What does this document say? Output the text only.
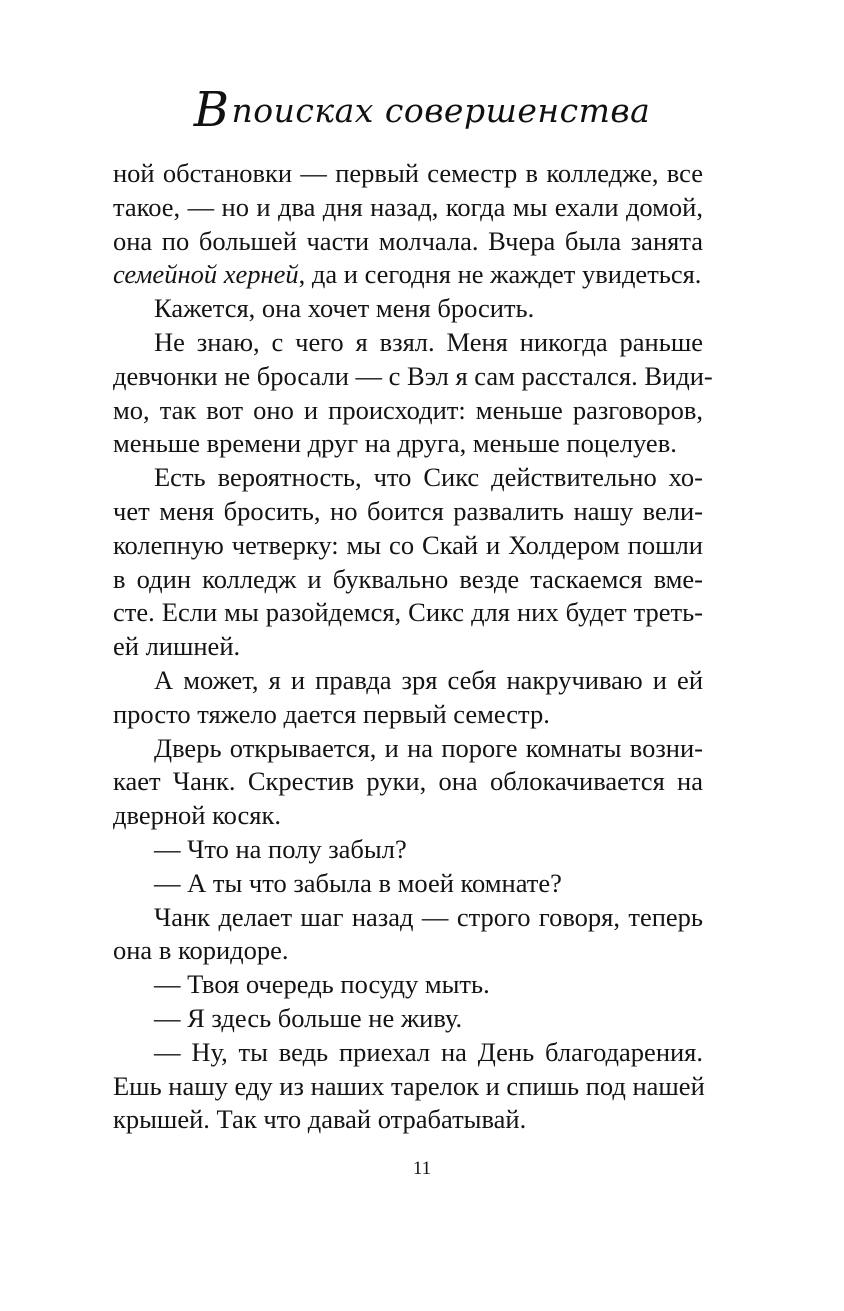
Впоисках совершенства
ной обстановки — первый семестр в колледже, все
такое, — но и два дня назад, когда мы ехали домой,
она по большей части молчала. Вчера была занята
семейной херней, да и сегодня не жаждет увидеться.
Кажется, она хочет меня бросить.
Не знаю, с чего я взял. Меня никогда раньше
девчонки не бросали — с Вэл я сам расстался. Види-
мо, так вот оно и происходит: меньше разговоров,
меньше времени друг на друга, меньше поцелуев.
Есть вероятность, что Сикс действительно хо-
чет меня бросить, но боится развалить нашу вели-
колепную четверку: мы со Скай и Холдером пошли
в один колледж и буквально везде таскаемся вме-
сте. Если мы разойдемся, Сикс для них будет треть-
ей лишней.
А может, я и правда зря себя накручиваю и ей
просто тяжело дается первый семестр.
Дверь открывается, и на пороге комнаты возни-
кает Чанк. Скрестив руки, она облокачивается на
дверной косяк.
— Что на полу забыл?
— А ты что забыла в моей комнате?
Чанк делает шаг назад — строго говоря, теперь
она в коридоре.
— Твоя очередь посуду мыть.
— Я здесь больше не живу.
— Ну, ты ведь приехал на День благодарения.
Ешь нашу еду из наших тарелок и спишь под нашей
крышей. Так что давай отрабатывай.
11
